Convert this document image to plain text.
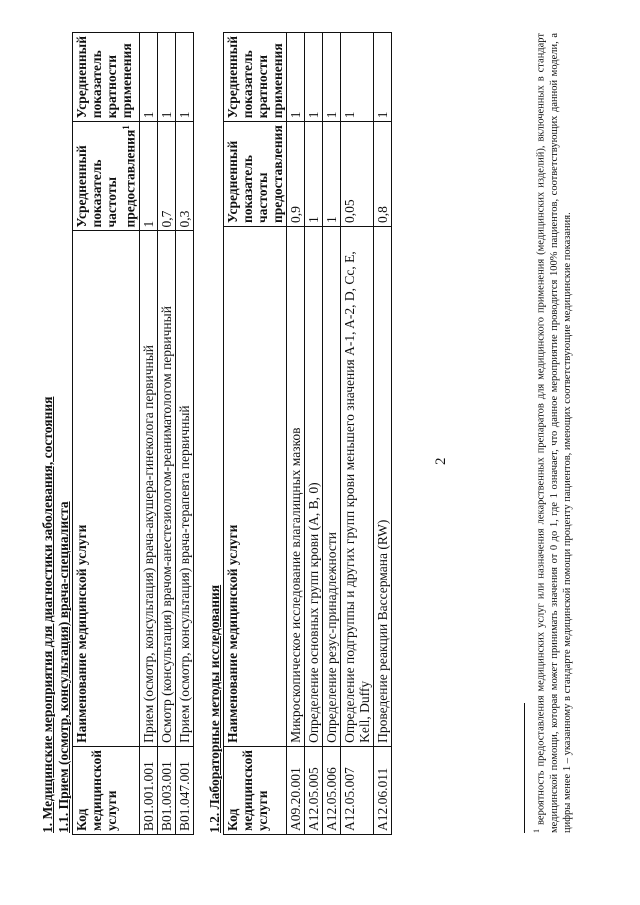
2
1. Медицинские мероприятия для диагностики заболевания, состояния 1.1. Прием (осмотр, консультация) врача-специалиста Код медицинской услуги	Наименование медицинской услуги	Усредненный показатель частоты предоставления$^1$	Усредненный показатель кратности применения
B01.001.001	Прием (осмотр, консультация) врача-акушера-гинеколога первичный	1	1
B01.003.001	Осмотр (консультация) врачом-анестезиологом-реаниматологом первичный	0,7	1
B01.047.001	Прием (осмотр, консультация) врача-терапевта первичный	0,3	1
1.2. Лабораторные методы исследования Код медицинской услуги	Наименование медицинской услуги	Усредненный показатель частоты предоставления	Усредненный показатель кратности применения
A09.20.001	Микроскопическое исследование влагалищных мазков	0,9	1
A12.05.005	Определение основных групп крови (A, B, 0)	1	1
A12.05.006	Определение резус-принадлежности	1	1
A12.05.007	Определение подгруппы и других групп крови меньшего значения A-1, A-2, D, Cc, E, Kell, Duffy	0,05	1
A12.06.011	Проведение реакции Вассермана (RW)	0,8	1
$^1$ вероятность предоставления медицинских услуг или назначения лекарственных препаратов для медицинского применения (медицинских изделий), включенных в стандарт медицинской помощи, которая может принимать значения от 0 до 1, где 1 означает, что данное мероприятие проводится 100% пациентов, соответствующих данной модели, а цифры менее 1 – указанному в стандарте медицинской помощи проценту пациентов, имеющих соответствующие медицинские показания.
